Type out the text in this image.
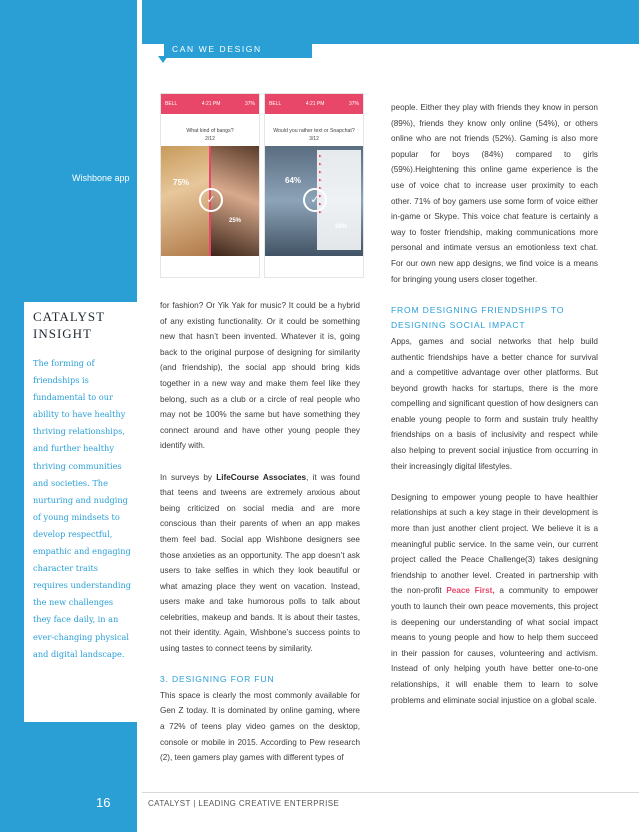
CAN WE DESIGN FRIENDSHIP?
Wishbone app
CATALYST INSIGHT
The forming of friendships is fundamental to our ability to have healthy thriving relationships, and further healthy thriving communities and societies. The nurturing and nudging of young mindsets to develop respectful, empathic and engaging character traits requires understanding the new challenges they face daily, in an ever-changing physical and digital landscape.
BELL	4:21 PM	37%
What kind of bangs?
2/12
75%
25%
✓
BELL	4:21 PM	37%
Would you rather text or Snapchat?
3/12
▶
▶
▶
▶
▶
▶
▶
▶
64%
36%
✓

for fashion? Or Yik Yak for music? It could be a hybrid of any existing functionality. Or it could be something new that hasn’t been invented. Whatever it is, going back to the original purpose of designing for similarity (and friendship), the social app should bring kids together in a new way and make them feel like they belong, such as a club or a circle of real people who may not be 100% the same but have something they connect around and have other young people they identify with.

In surveys by LifeCourse Associates, it was found that teens and tweens are extremely anxious about being criticized on social media and are more conscious than their parents of when an app makes them feel bad. Social app Wishbone designers see those anxieties as an opportunity. The app doesn’t ask users to take selfies in which they look beautiful or what amazing place they went on vacation. Instead, users make and take humorous polls to talk about celebrities, makeup and bands. It is about their tastes, not their identity. Again, Wishbone’s success points to using tastes to connect teens by similarity.

3. DESIGNING FOR FUN

This space is clearly the most commonly available for Gen Z today. It is dominated by online gaming, where a 72% of teens play video games on the desktop, console or mobile in 2015. According to Pew research (2), teen gamers play games with different types of

people. Either they play with friends they know in person (89%), friends they know only online (54%), or others online who are not friends (52%). Gaming is also more popular for boys (84%) compared to girls (59%).Heightening this online game experience is the use of voice chat to increase user proximity to each other. 71% of boy gamers use some form of voice either in-game or Skype. This voice chat feature is certainly a way to foster friendship, making communications more personal and intimate versus an emotionless text chat. For our own new app designs, we find voice is a means for bringing young users closer together.

FROM DESIGNING FRIENDSHIPS TO

DESIGNING SOCIAL IMPACT

Apps, games and social networks that help build authentic friendships have a better chance for survival and a competitive advantage over other platforms. But beyond growth hacks for startups, there is the more compelling and significant question of how designers can enable young people to form and sustain truly healthy friendships on a basis of inclusivity and respect while also helping to prevent social injustice from occurring in their increasingly digital lifestyles.

Designing to empower young people to have healthier relationships at such a key stage in their development is more than just another client project. We believe it is a meaningful public service. In the same vein, our current project called the Peace Challenge(3) takes designing friendship to another level. Created in partnership with the non-profit Peace First, a community to empower youth to launch their own peace movements, this project is deepening our understanding of what social impact means to young people and how to help them succeed in their passion for causes, volunteering and activism. Instead of only helping youth have better one-to-one relationships, it will enable them to learn to solve problems and eliminate social injustice on a global scale.

16	CATALYST | LEADING CREATIVE ENTERPRISE
